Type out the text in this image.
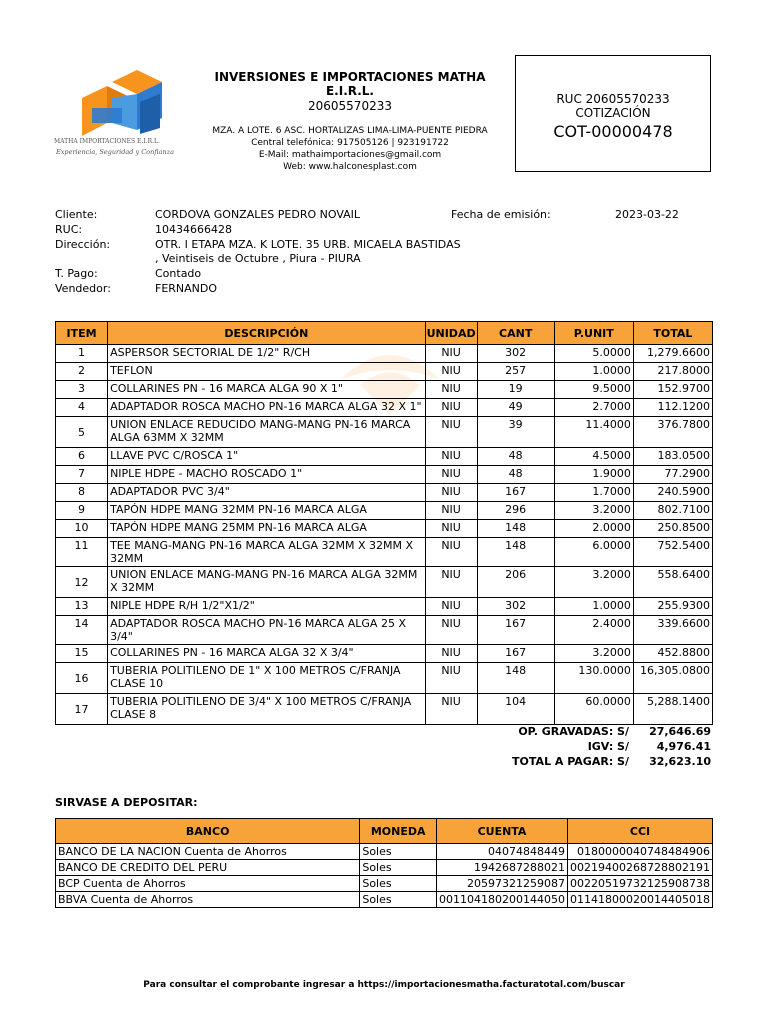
MATHA IMPORTACIONES E.I.R.L.
Experiencia, Seguridad y Confianza
INVERSIONES E IMPORTACIONES MATHA E.I.R.L.
20605570233
MZA. A LOTE. 6 ASC. HORTALIZAS LIMA-LIMA-PUENTE PIEDRA
Central telefónica: 917505126 | 923191722
E-Mail: mathaimportaciones@gmail.com
Web: www.halconesplast.com
RUC 20605570233
COTIZACIÓN
COT-00000478
Cliente:	CORDOVA GONZALES PEDRO NOVAIL	Fecha de emisión:	2023-03-22
RUC:	10434666428
Dirección:	OTR. I ETAPA MZA. K LOTE. 35 URB. MICAELA BASTIDAS
, Veintiseis de Octubre , Piura - PIURA
T. Pago:	Contado
Vendedor:	FERNANDO
ITEM	DESCRIPCIÓN	UNIDAD	CANT	P.UNIT	TOTAL
1	ASPERSOR SECTORIAL DE 1/2" R/CH	NIU	302	5.0000	1,279.6600
2	TEFLON	NIU	257	1.0000	217.8000
3	COLLARINES PN - 16 MARCA ALGA 90 X 1"	NIU	19	9.5000	152.9700
4	ADAPTADOR ROSCA MACHO PN-16 MARCA ALGA 32 X 1"	NIU	49	2.7000	112.1200
5	UNION ENLACE REDUCIDO MANG-MANG PN-16 MARCA ALGA 63MM X 32MM	NIU	39	11.4000	376.7800
6	LLAVE PVC C/ROSCA 1"	NIU	48	4.5000	183.0500
7	NIPLE HDPE - MACHO ROSCADO 1"	NIU	48	1.9000	77.2900
8	ADAPTADOR PVC 3/4"	NIU	167	1.7000	240.5900
9	TAPÓN HDPE MANG 32MM PN-16 MARCA ALGA	NIU	296	3.2000	802.7100
10	TAPÓN HDPE MANG 25MM PN-16 MARCA ALGA	NIU	148	2.0000	250.8500
11	TEE MANG-MANG PN-16 MARCA ALGA 32MM X 32MM X 32MM	NIU	148	6.0000	752.5400
12	UNION ENLACE MANG-MANG PN-16 MARCA ALGA 32MM X 32MM	NIU	206	3.2000	558.6400
13	NIPLE HDPE R/H 1/2"X1/2"	NIU	302	1.0000	255.9300
14	ADAPTADOR ROSCA MACHO PN-16 MARCA ALGA 25 X 3/4"	NIU	167	2.4000	339.6600
15	COLLARINES PN - 16 MARCA ALGA 32 X 3/4"	NIU	167	3.2000	452.8800
16	TUBERIA POLITILENO DE 1" X 100 METROS C/FRANJA CLASE 10	NIU	148	130.0000	16,305.0800
17	TUBERIA POLITILENO DE 3/4" X 100 METROS C/FRANJA CLASE 8	NIU	104	60.0000	5,288.1400
OP. GRAVADAS: S/	27,646.69
IGV: S/	4,976.41
TOTAL A PAGAR: S/	32,623.10
SIRVASE A DEPOSITAR:
BANCO	MONEDA	CUENTA	CCI
BANCO DE LA NACION Cuenta de Ahorros	Soles	04074848449	0180000040748484906
BANCO DE CREDITO DEL PERU	Soles	1942687288021	00219400268728802191
BCP Cuenta de Ahorros	Soles	20597321259087	00220519732125908738
BBVA Cuenta de Ahorros	Soles	001104180200144050	01141800020014405018
Para consultar el comprobante ingresar a https://importacionesmatha.facturatotal.com/buscar
